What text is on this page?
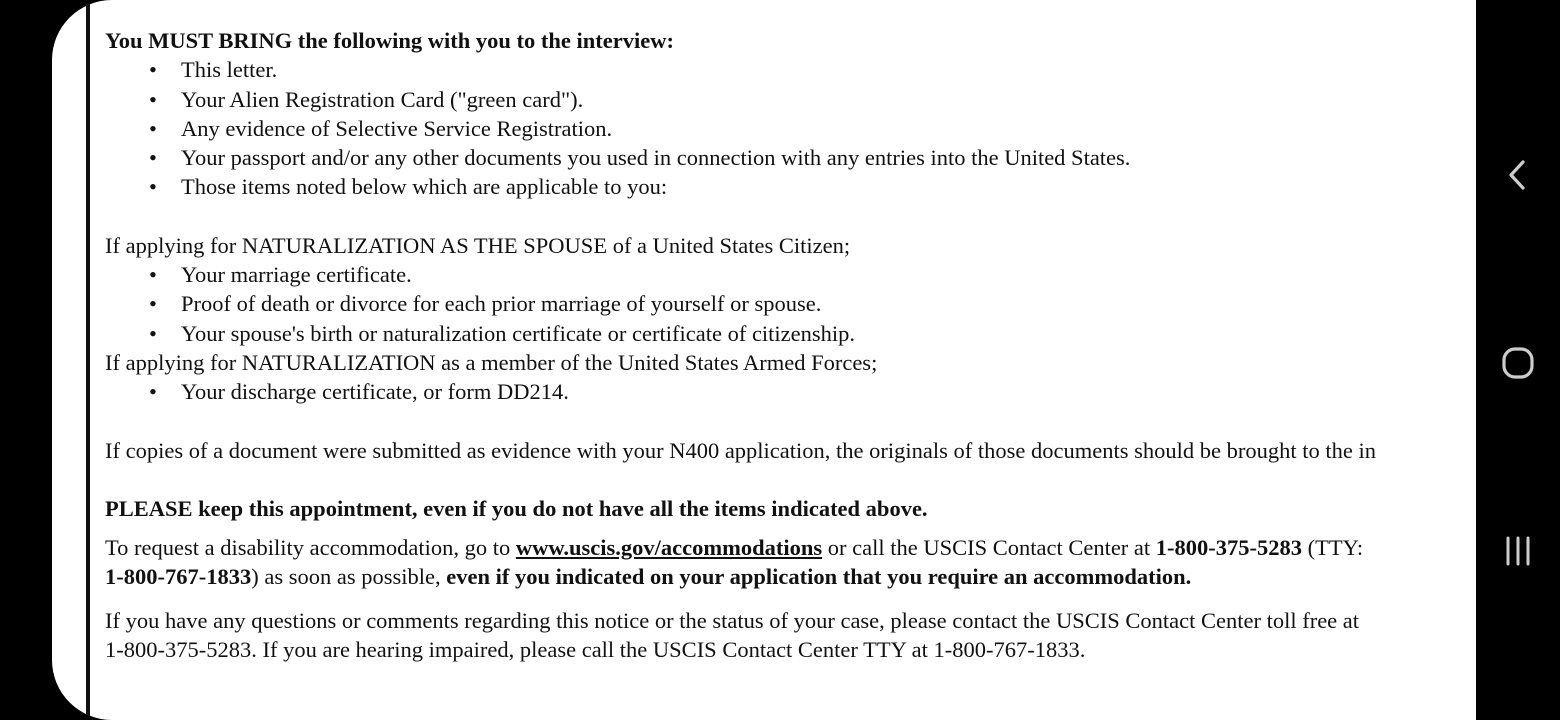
You MUST BRING the following with you to the interview:
• This letter.
• Your Alien Registration Card ("green card").
• Any evidence of Selective Service Registration.
• Your passport and/or any other documents you used in connection with any entries into the United States.
• Those items noted below which are applicable to you:
If applying for NATURALIZATION AS THE SPOUSE of a United States Citizen;
• Your marriage certificate.
• Proof of death or divorce for each prior marriage of yourself or spouse.
• Your spouse's birth or naturalization certificate or certificate of citizenship.
If applying for NATURALIZATION as a member of the United States Armed Forces;
• Your discharge certificate, or form DD214.
If copies of a document were submitted as evidence with your N400 application, the originals of those documents should be brought to the in
PLEASE keep this appointment, even if you do not have all the items indicated above.
To request a disability accommodation, go to www.uscis.gov/accommodations or call the USCIS Contact Center at 1-800-375-5283 (TTY:
1-800-767-1833) as soon as possible, even if you indicated on your application that you require an accommodation.
If you have any questions or comments regarding this notice or the status of your case, please contact the USCIS Contact Center toll free at
1-800-375-5283. If you are hearing impaired, please call the USCIS Contact Center TTY at 1-800-767-1833.
